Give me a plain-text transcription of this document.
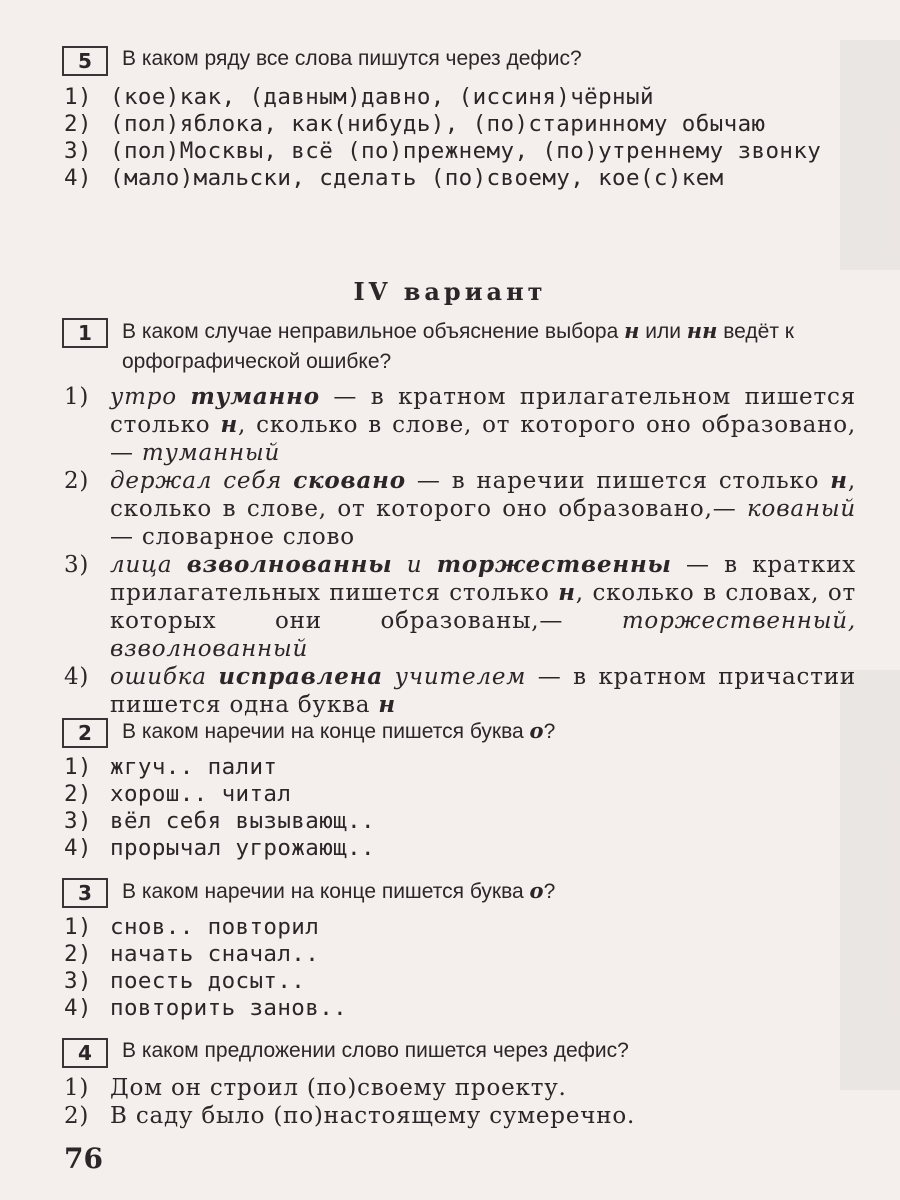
5	В каком ряду все слова пишутся через дефис?
1) (кое)как, (давным)давно, (иссиня)чёрный
2) (пол)яблока, как(нибудь), (по)старинному обычаю
3) (пол)Москвы, всё (по)прежнему, (по)утреннему звонку
4) (мало)мальски, сделать (по)своему, кое(с)кем
IV вариант
1	В каком случае неправильное объяснение выбора н или нн ведёт к орфографической ошибке?
1) утро туманно — в кратном прилагательном пишется столько н, сколько в слове, от которого оно образовано,— туманный
2) держал себя сковано — в наречии пишется столько н, сколько в слове, от которого оно образовано,— кованый — словарное слово
3) лица взволнованны и торжественны — в кратких прилагательных пишется столько н, сколько в словах, от которых они образованы,— торжественный, взволнованный
4) ошибка исправлена учителем — в кратном причастии пишется одна буква н
2	В каком наречии на конце пишется буква о?
1) жгуч.. палит
2) хорош.. читал
3) вёл себя вызывающ..
4) прорычал угрожающ..
3	В каком наречии на конце пишется буква о?
1) снов.. повторил
2) начать сначал..
3) поесть досыт..
4) повторить занов..
4	В каком предложении слово пишется через дефис?
1) Дом он строил (по)своему проекту.
2) В саду было (по)настоящему сумеречно.
76
